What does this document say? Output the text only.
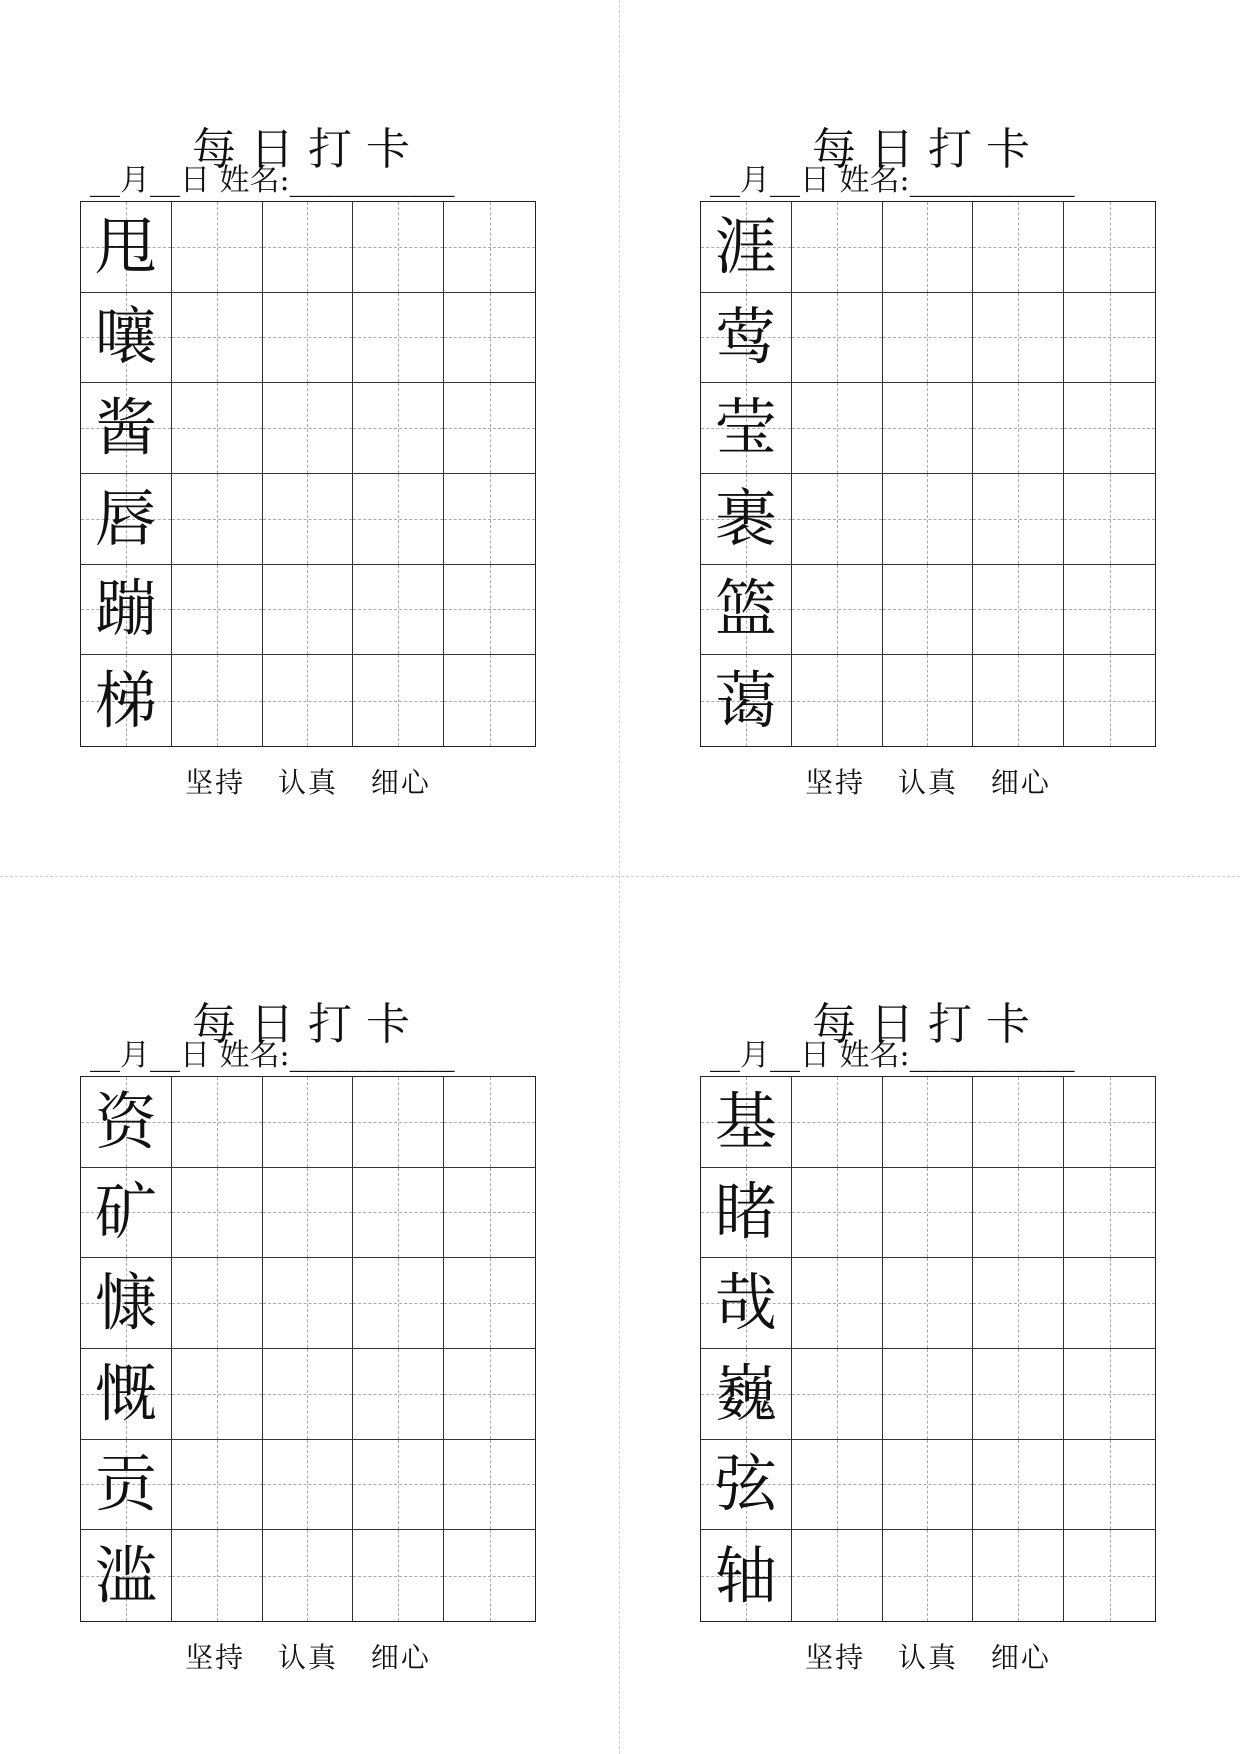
每日打卡
__月__日 姓名:___________
甩
嚷
酱
唇
蹦
梯
坚持 认真 细心
每日打卡
__月__日 姓名:___________
涯
莺
莹
裹
篮
蔼
坚持 认真 细心
每日打卡
__月__日 姓名:___________
资
矿
慷
慨
贡
滥
坚持 认真 细心
每日打卡
__月__日 姓名:___________
基
睹
哉
巍
弦
轴
坚持 认真 细心
